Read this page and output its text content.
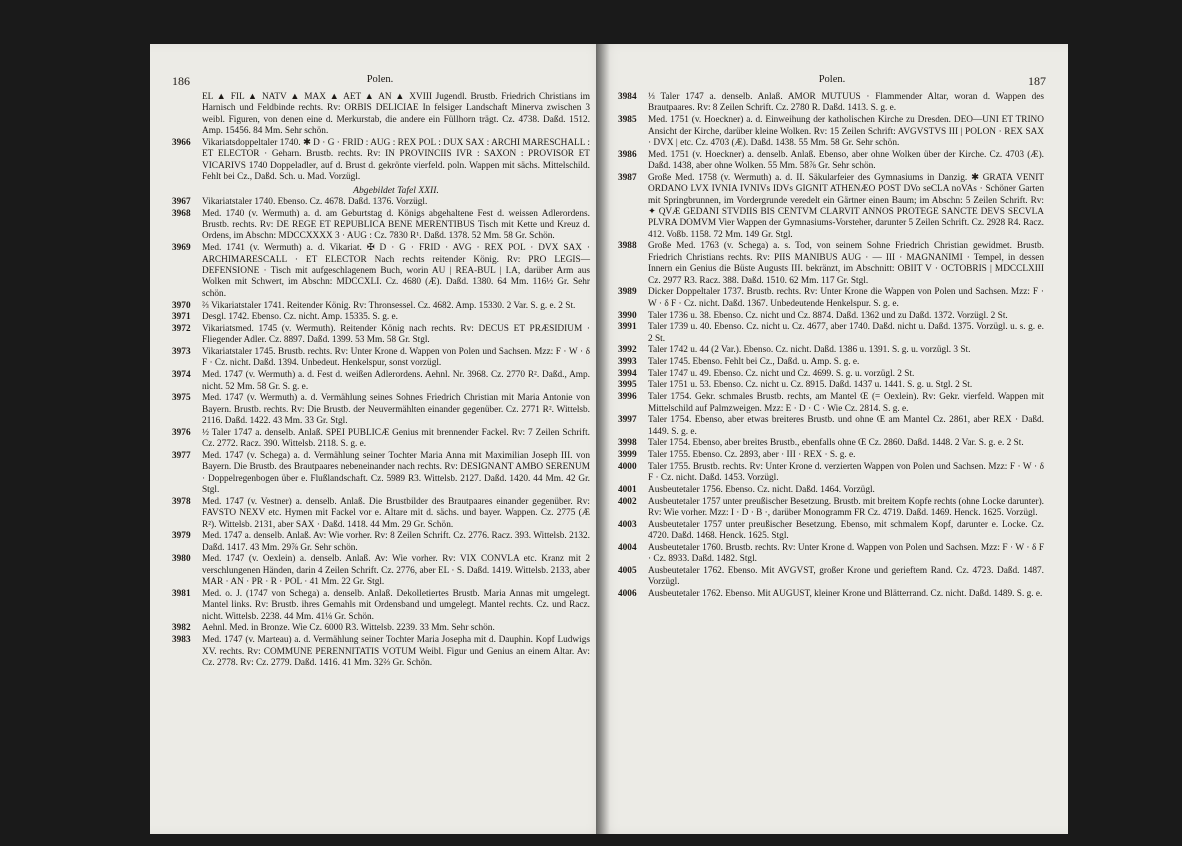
186	Polen.
EL ▲ FIL ▲ NATV ▲ MAX ▲ AET ▲ AN ▲ XVIII Jugendl. Brustb. Friedrich Christians im Harnisch und Feldbinde rechts. Rv: ORBIS DELICIAE In felsiger Landschaft Minerva zwischen 3 weibl. Figuren, von denen eine d. Merkurstab, die andere ein Füllhorn trägt. Cz. 4738. Daßd. 1512. Amp. 15456. 84 Mm. Sehr schön.
3966	Vikariatsdoppeltaler 1740. ✱ D · G · FRID : AUG : REX POL : DUX SAX : ARCHI MARESCHALL : ET ELECTOR · Geharn. Brustb. rechts. Rv: IN PROVINCIIS IVR : SAXON : PROVISOR ET VICARIVS 1740 Doppeladler, auf d. Brust d. gekrönte vierfeld. poln. Wappen mit sächs. Mittelschild. Fehlt bei Cz., Daßd. Sch. u. Mad. Vorzügl.
Abgebildet Tafel XXII.
3967	Vikariatstaler 1740. Ebenso. Cz. 4678. Daßd. 1376. Vorzügl.
3968	Med. 1740 (v. Wermuth) a. d. am Geburtstag d. Königs abgehaltene Fest d. weissen Adlerordens. Brustb. rechts. Rv: DE REGE ET REPUBLICA BENE MERENTIBUS Tisch mit Kette und Kreuz d. Ordens, im Abschn: MDCCXXXX 3 · AUG : Cz. 7830 R¹. Daßd. 1378. 52 Mm. 58 Gr. Schön.
3969	Med. 1741 (v. Wermuth) a. d. Vikariat. ✠ D · G · FRID · AVG · REX POL · DVX SAX · ARCHIMARESCALL · ET ELECTOR Nach rechts reitender König. Rv: PRO LEGIS—DEFENSIONE · Tisch mit aufgeschlagenem Buch, worin AU | REA-BUL | I.A, darüber Arm aus Wolken mit Schwert, im Abschn: MDCCXLI. Cz. 4680 (Æ). Daßd. 1380. 64 Mm. 116½ Gr. Sehr schön.
3970	⅔ Vikariatstaler 1741. Reitender König. Rv: Thronsessel. Cz. 4682. Amp. 15330. 2 Var. S. g. e. 2 St.
3971	Desgl. 1742. Ebenso. Cz. nicht. Amp. 15335. S. g. e.
3972	Vikariatsmed. 1745 (v. Wermuth). Reitender König nach rechts. Rv: DECUS ET PRÆSIDIUM · Fliegender Adler. Cz. 8897. Daßd. 1399. 53 Mm. 58 Gr. Stgl.
3973	Vikariatstaler 1745. Brustb. rechts. Rv: Unter Krone d. Wappen von Polen und Sachsen. Mzz: F · W · δ F · Cz. nicht. Daßd. 1394. Unbedeut. Henkelspur, sonst vorzügl.
3974	Med. 1747 (v. Wermuth) a. d. Fest d. weißen Adlerordens. Aehnl. Nr. 3968. Cz. 2770 R². Daßd., Amp. nicht. 52 Mm. 58 Gr. S. g. e.
3975	Med. 1747 (v. Wermuth) a. d. Vermählung seines Sohnes Friedrich Christian mit Maria Antonie von Bayern. Brustb. rechts. Rv: Die Brustb. der Neuvermählten einander gegenüber. Cz. 2771 R². Wittelsb. 2116. Daßd. 1422. 43 Mm. 33 Gr. Stgl.
3976	½ Taler 1747 a. denselb. Anlaß. SPEI PUBLICÆ Genius mit brennender Fackel. Rv: 7 Zeilen Schrift. Cz. 2772. Racz. 390. Wittelsb. 2118. S. g. e.
3977	Med. 1747 (v. Schega) a. d. Vermählung seiner Tochter Maria Anna mit Maximilian Joseph III. von Bayern. Die Brustb. des Brautpaares nebeneinander nach rechts. Rv: DESIGNANT AMBO SERENUM · Doppelregenbogen über e. Flußlandschaft. Cz. 5989 R3. Wittelsb. 2127. Daßd. 1420. 44 Mm. 42 Gr. Stgl.
3978	Med. 1747 (v. Vestner) a. denselb. Anlaß. Die Brustbilder des Brautpaares einander gegenüber. Rv: FAVSTO NEXV etc. Hymen mit Fackel vor e. Altare mit d. sächs. und bayer. Wappen. Cz. 2775 (Æ R²). Wittelsb. 2131, aber SAX · Daßd. 1418. 44 Mm. 29 Gr. Schön.
3979	Med. 1747 a. denselb. Anlaß. Av: Wie vorher. Rv: 8 Zeilen Schrift. Cz. 2776. Racz. 393. Wittelsb. 2132. Daßd. 1417. 43 Mm. 29⅞ Gr. Sehr schön.
3980	Med. 1747 (v. Oexlein) a. denselb. Anlaß. Av: Wie vorher. Rv: VIX CONVLA etc. Kranz mit 2 verschlungenen Händen, darin 4 Zeilen Schrift. Cz. 2776, aber EL · S. Daßd. 1419. Wittelsb. 2133, aber MAR · AN · PR · R · POL · 41 Mm. 22 Gr. Stgl.
3981	Med. o. J. (1747 von Schega) a. denselb. Anlaß. Dekolletiertes Brustb. Maria Annas mit umgelegt. Mantel links. Rv: Brustb. ihres Gemahls mit Ordensband und umgelegt. Mantel rechts. Cz. und Racz. nicht. Wittelsb. 2238. 44 Mm. 41⅛ Gr. Schön.
3982	Aehnl. Med. in Bronze. Wie Cz. 6000 R3. Wittelsb. 2239. 33 Mm. Sehr schön.
3983	Med. 1747 (v. Marteau) a. d. Vermählung seiner Tochter Maria Josepha mit d. Dauphin. Kopf Ludwigs XV. rechts. Rv: COMMUNE PERENNITATIS VOTUM Weibl. Figur und Genius an einem Altar. Av: Cz. 2778. Rv: Cz. 2779. Daßd. 1416. 41 Mm. 32⅔ Gr. Schön.
Polen.	187
3984	⅓ Taler 1747 a. denselb. Anlaß. AMOR MUTUUS · Flammender Altar, woran d. Wappen des Brautpaares. Rv: 8 Zeilen Schrift. Cz. 2780 R. Daßd. 1413. S. g. e.
3985	Med. 1751 (v. Hoeckner) a. d. Einweihung der katholischen Kirche zu Dresden. DEO—UNI ET TRINO Ansicht der Kirche, darüber kleine Wolken. Rv: 15 Zeilen Schrift: AVGVSTVS III | POLON · REX SAX · DVX | etc. Cz. 4703 (Æ). Daßd. 1438. 55 Mm. 58 Gr. Sehr schön.
3986	Med. 1751 (v. Hoeckner) a. denselb. Anlaß. Ebenso, aber ohne Wolken über der Kirche. Cz. 4703 (Æ). Daßd. 1438, aber ohne Wolken. 55 Mm. 58⅞ Gr. Sehr schön.
3987	Große Med. 1758 (v. Wermuth) a. d. II. Säkularfeier des Gymnasiums in Danzig. ✱ GRATA VENIT ORDANO LVX IVNIA IVNIVs IDVs GIGNIT ATHENÆO POST DVo seCLA noVAs · Schöner Garten mit Springbrunnen, im Vordergrunde veredelt ein Gärtner einen Baum; im Abschn: 5 Zeilen Schrift. Rv: ✦ QVÆ GEDANI STVDIIS BIS CENTVM CLARVIT ANNOS PROTEGE SANCTE DEVS SECVLA PLVRA DOMVM Vier Wappen der Gymnasiums-Vorsteher, darunter 5 Zeilen Schrift. Cz. 2928 R4. Racz. 412. Voßb. 1158. 72 Mm. 149 Gr. Stgl.
3988	Große Med. 1763 (v. Schega) a. s. Tod, von seinem Sohne Friedrich Christian gewidmet. Brustb. Friedrich Christians rechts. Rv: PIIS MANIBUS AUG · — III · MAGNANIMI · Tempel, in dessen Innern ein Genius die Büste Augusts III. bekränzt, im Abschnitt: OBIIT V · OCTOBRIS | MDCCLXIII Cz. 2977 R3. Racz. 388. Daßd. 1510. 62 Mm. 117 Gr. Stgl.
3989	Dicker Doppeltaler 1737. Brustb. rechts. Rv: Unter Krone die Wappen von Polen und Sachsen. Mzz: F · W · δ F · Cz. nicht. Daßd. 1367. Unbedeutende Henkelspur. S. g. e.
3990	Taler 1736 u. 38. Ebenso. Cz. nicht und Cz. 8874. Daßd. 1362 und zu Daßd. 1372. Vorzügl. 2 St.
3991	Taler 1739 u. 40. Ebenso. Cz. nicht u. Cz. 4677, aber 1740. Daßd. nicht u. Daßd. 1375. Vorzügl. u. s. g. e. 2 St.
3992	Taler 1742 u. 44 (2 Var.). Ebenso. Cz. nicht. Daßd. 1386 u. 1391. S. g. u. vorzügl. 3 St.
3993	Taler 1745. Ebenso. Fehlt bei Cz., Daßd. u. Amp. S. g. e.
3994	Taler 1747 u. 49. Ebenso. Cz. nicht und Cz. 4699. S. g. u. vorzügl. 2 St.
3995	Taler 1751 u. 53. Ebenso. Cz. nicht u. Cz. 8915. Daßd. 1437 u. 1441. S. g. u. Stgl. 2 St.
3996	Taler 1754. Gekr. schmales Brustb. rechts, am Mantel Œ (= Oexlein). Rv: Gekr. vierfeld. Wappen mit Mittelschild auf Palmzweigen. Mzz: E · D · C · Wie Cz. 2814. S. g. e.
3997	Taler 1754. Ebenso, aber etwas breiteres Brustb. und ohne Œ am Mantel Cz. 2861, aber REX · Daßd. 1449. S. g. e.
3998	Taler 1754. Ebenso, aber breites Brustb., ebenfalls ohne Œ Cz. 2860. Daßd. 1448. 2 Var. S. g. e. 2 St.
3999	Taler 1755. Ebenso. Cz. 2893, aber · III · REX · S. g. e.
4000	Taler 1755. Brustb. rechts. Rv: Unter Krone d. verzierten Wappen von Polen und Sachsen. Mzz: F · W · δ F · Cz. nicht. Daßd. 1453. Vorzügl.
4001	Ausbeutetaler 1756. Ebenso. Cz. nicht. Daßd. 1464. Vorzügl.
4002	Ausbeutetaler 1757 unter preußischer Besetzung. Brustb. mit breitem Kopfe rechts (ohne Locke darunter). Rv: Wie vorher. Mzz: I · D · B ·, darüber Monogramm FR Cz. 4719. Daßd. 1469. Henck. 1625. Vorzügl.
4003	Ausbeutetaler 1757 unter preußischer Besetzung. Ebenso, mit schmalem Kopf, darunter e. Locke. Cz. 4720. Daßd. 1468. Henck. 1625. Stgl.
4004	Ausbeutetaler 1760. Brustb. rechts. Rv: Unter Krone d. Wappen von Polen und Sachsen. Mzz: F · W · δ F · Cz. 8933. Daßd. 1482. Stgl.
4005	Ausbeutetaler 1762. Ebenso. Mit AVGVST, großer Krone und gerieftem Rand. Cz. 4723. Daßd. 1487. Vorzügl.
4006	Ausbeutetaler 1762. Ebenso. Mit AUGUST, kleiner Krone und Blätterrand. Cz. nicht. Daßd. 1489. S. g. e.
